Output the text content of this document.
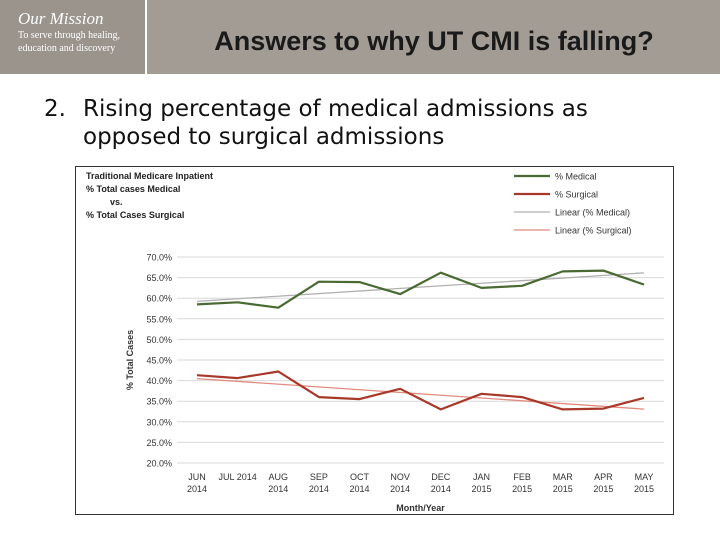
Our Mission
To serve through healing,
education and discovery	Answers to why UT CMI is falling?
2. Rising percentage of medical admissions as opposed to surgical admissions
20.0%
25.0%
30.0%
35.0%
40.0%
45.0%
50.0%
55.0%
60.0%
65.0%
70.0%
JUN
2014
JUL 2014 AUG
2014
SEP
2014
OCT
2014
NOV
2014
DEC
2014
JAN
2015
FEB
2015
MAR
2015
APR
2015
MAY
2015
Month/Year
% Total Cases
Traditional Medicare Inpatient
% Total cases Medical
vs.
% Total Cases Surgical
% Medical
% Surgical
Linear (% Medical)
Linear (% Surgical)
